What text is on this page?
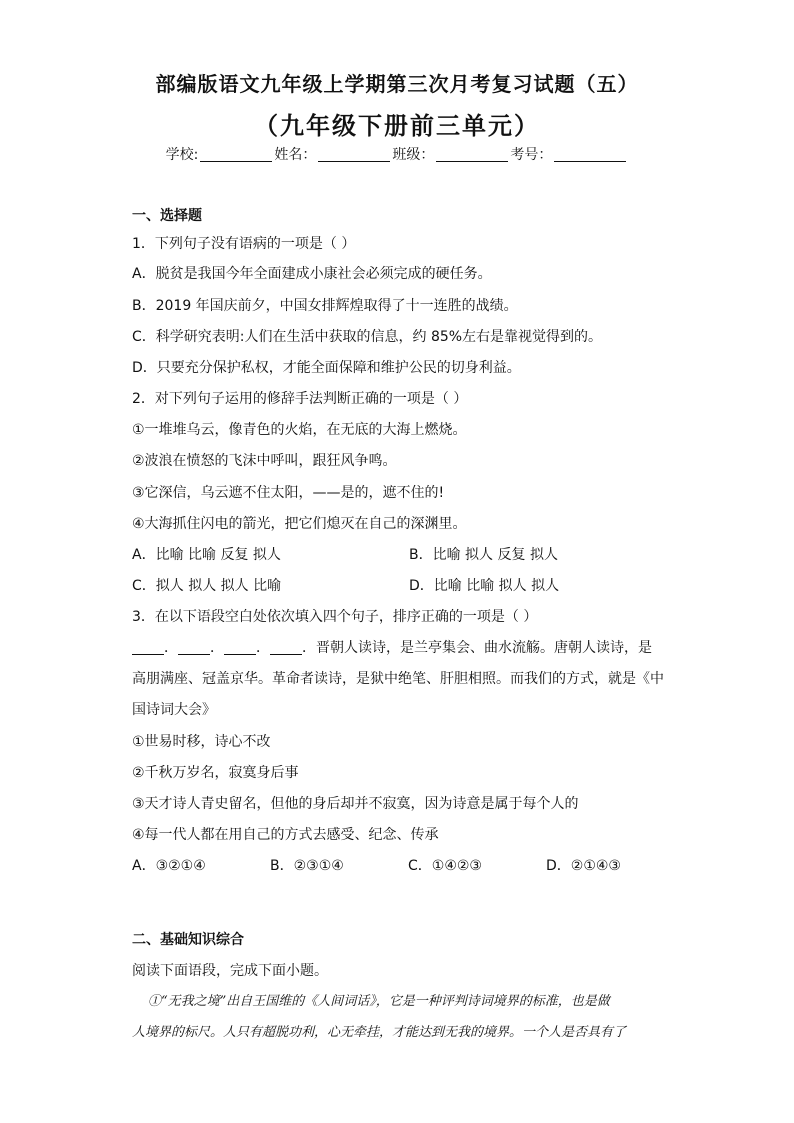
部编版语文九年级上学期第三次月考复习试题（五）
（九年级下册前三单元）
学校:	姓名：	班级：	考号：
一、选择题
1．下列句子没有语病的一项是（ ）
A．脱贫是我国今年全面建成小康社会必须完成的硬任务。
B．2019 年国庆前夕，中国女排辉煌取得了十一连胜的战绩。
C．科学研究表明:人们在生活中获取的信息，约 85%左右是靠视觉得到的。
D．只要充分保护私权，才能全面保障和维护公民的切身利益。
2．对下列句子运用的修辞手法判断正确的一项是（ ）
①一堆堆乌云，像青色的火焰，在无底的大海上燃烧。
②波浪在愤怒的飞沫中呼叫，跟狂风争鸣。
③它深信，乌云遮不住太阳，——是的，遮不住的!
④大海抓住闪电的箭光，把它们熄灭在自己的深渊里。
A．比喻 比喻 反复 拟人	B．比喻 拟人 反复 拟人
C．拟人 拟人 拟人 比喻	D．比喻 比喻 拟人 拟人
3．在以下语段空白处依次填入四个句子，排序正确的一项是（ ）
． ． ． ．晋朝人读诗，是兰亭集会、曲水流觞。唐朝人读诗，是
高朋满座、冠盖京华。革命者读诗，是狱中绝笔、肝胆相照。而我们的方式，就是《中
国诗词大会》
①世易时移，诗心不改
②千秋万岁名，寂寞身后事
③天才诗人青史留名，但他的身后却并不寂寞，因为诗意是属于每个人的
④每一代人都在用自己的方式去感受、纪念、传承
A．③②①④	B．②③①④	C．①④②③	D．②①④③
二、基础知识综合
阅读下面语段，完成下面小题。
①“无我之境”出自王国维的《人间词话》，它是一种评判诗词境界的标准，也是做
人境界的标尺。人只有超脱功利，心无牵挂，才能达到无我的境界。一个人是否具有了
